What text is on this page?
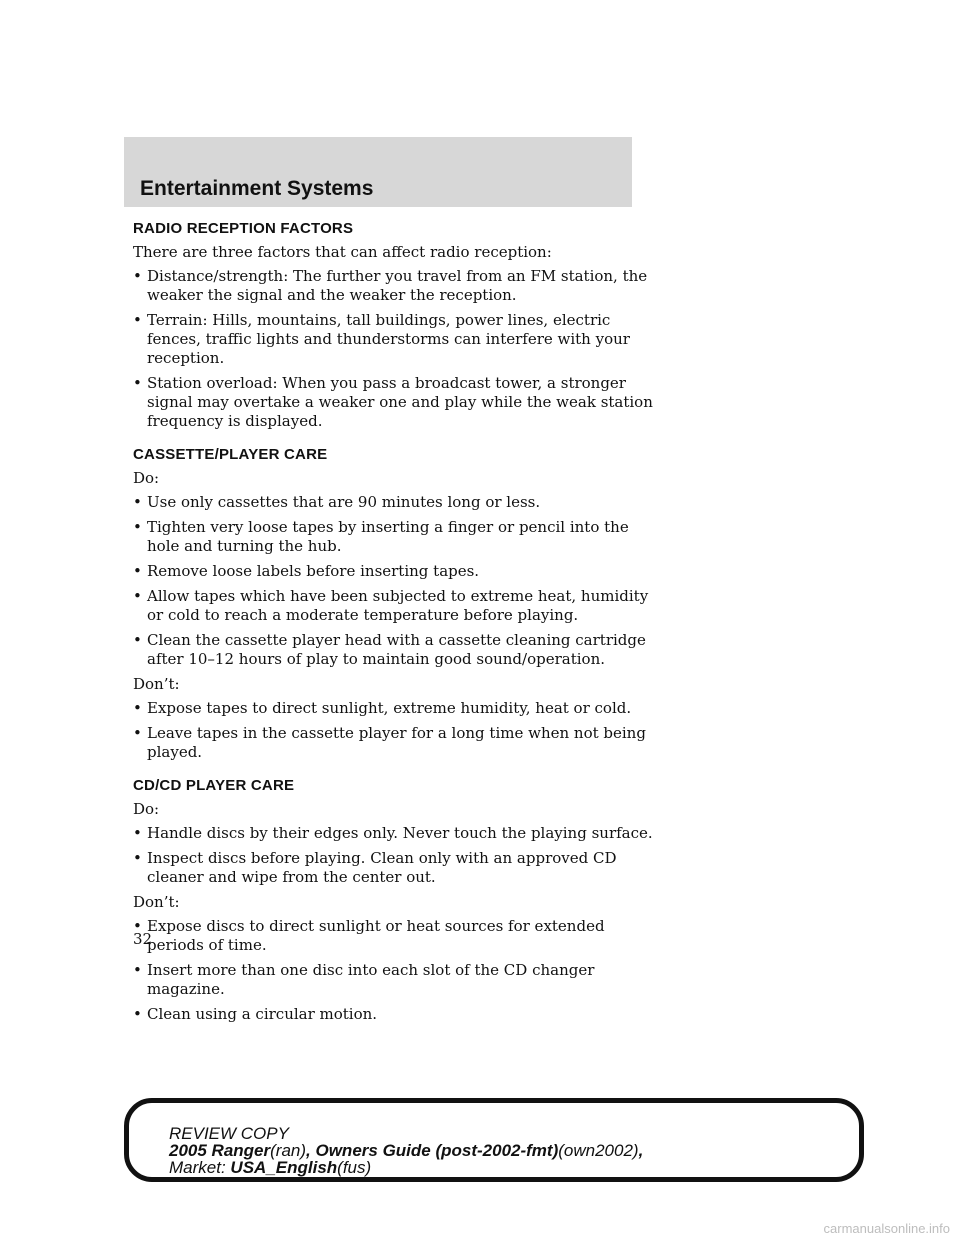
Entertainment Systems
RADIO RECEPTION FACTORS

There are three factors that can affect radio reception:

• Distance/strength: The further you travel from an FM station, the weaker the signal and the weaker the reception.
• Terrain: Hills, mountains, tall buildings, power lines, electric fences, traffic lights and thunderstorms can interfere with your reception.
• Station overload: When you pass a broadcast tower, a stronger signal may overtake a weaker one and play while the weak station frequency is displayed.
CASSETTE/PLAYER CARE

Do:

• Use only cassettes that are 90 minutes long or less.
• Tighten very loose tapes by inserting a finger or pencil into the hole and turning the hub.
• Remove loose labels before inserting tapes.
• Allow tapes which have been subjected to extreme heat, humidity or cold to reach a moderate temperature before playing.
• Clean the cassette player head with a cassette cleaning cartridge after 10–12 hours of play to maintain good sound/operation.

Don’t:

• Expose tapes to direct sunlight, extreme humidity, heat or cold.
• Leave tapes in the cassette player for a long time when not being played.
CD/CD PLAYER CARE

Do:

• Handle discs by their edges only. Never touch the playing surface.
• Inspect discs before playing. Clean only with an approved CD cleaner and wipe from the center out.

Don’t:

• Expose discs to direct sunlight or heat sources for extended periods of time.
• Insert more than one disc into each slot of the CD changer magazine.
• Clean using a circular motion.
32
REVIEW COPY
2005 Ranger(ran), Owners Guide (post-2002-fmt)(own2002),
Market: USA_English(fus)
carmanualsonline.info
